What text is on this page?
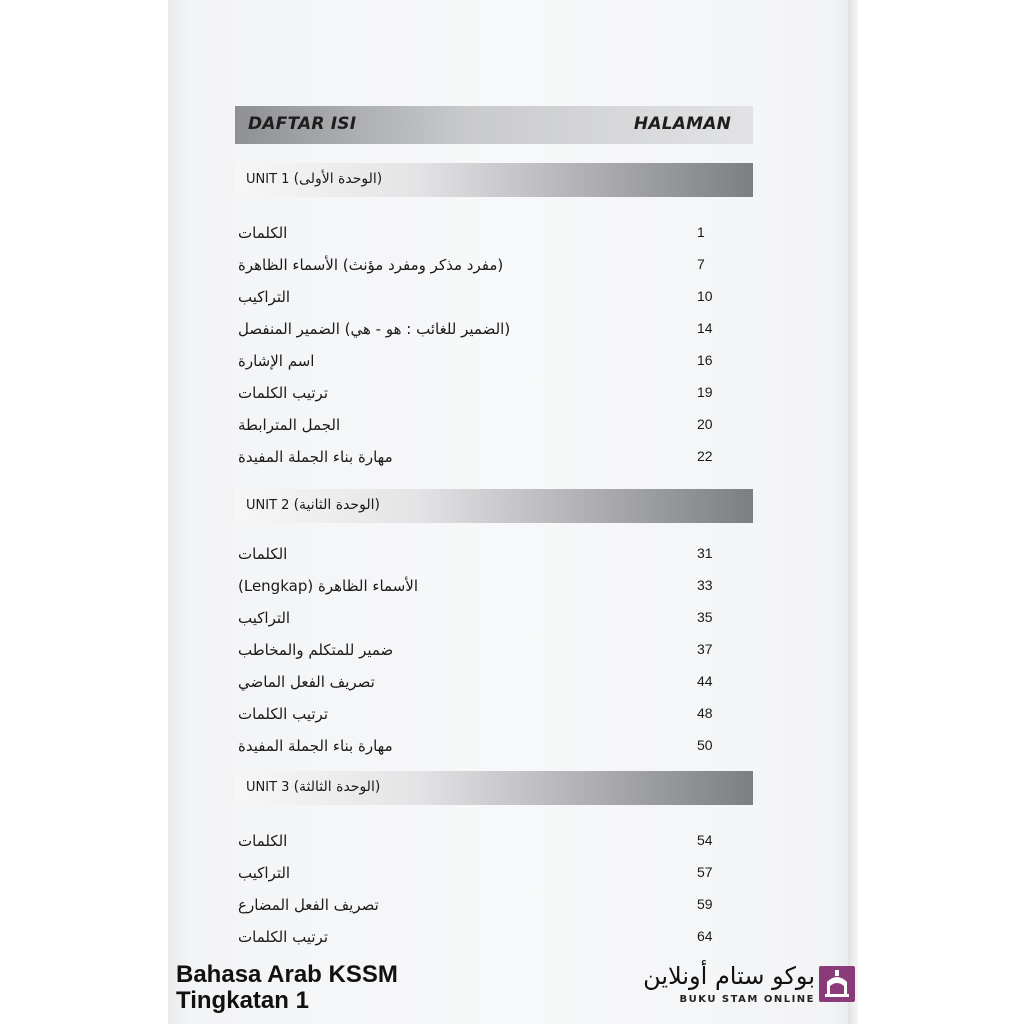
DAFTAR ISI	HALAMAN
UNIT 1 (الوحدة الأولى)
الكلمات	1
(مفرد مذكر ومفرد مؤنث) الأسماء الظاهرة	7
التراكيب	10
(الضمير للغائب : هو - هي) الضمير المنفصل	14
اسم الإشارة	16
ترتيب الكلمات	19
الجمل المترابطة	20
مهارة بناء الجملة المفيدة	22
UNIT 2 (الوحدة الثانية)
الكلمات	31
(Lengkap) الأسماء الظاهرة	33
التراكيب	35
ضمير للمتكلم والمخاطب	37
تصريف الفعل الماضي	44
ترتيب الكلمات	48
مهارة بناء الجملة المفيدة	50
UNIT 3 (الوحدة الثالثة)
الكلمات	54
التراكيب	57
تصريف الفعل المضارع	59
ترتيب الكلمات	64
Bahasa Arab KSSM
Tingkatan 1
بوكو ستام أونلاين
BUKU STAM ONLINE
